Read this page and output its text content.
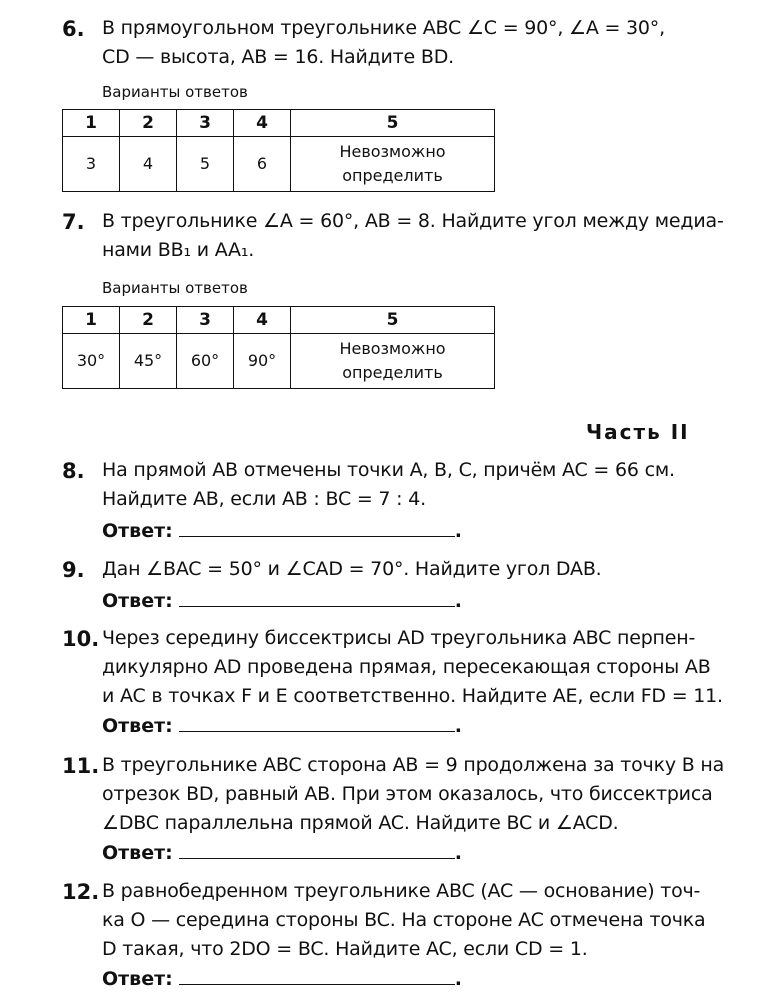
6. В прямоугольном треугольнике ABC ∠C = 90°, ∠A = 30°,
CD — высота, AB = 16. Найдите BD.
Варианты ответов
1	2	3	4	5
3	4	5	6	Невозможно
определить
7. В треугольнике ∠A = 60°, AB = 8. Найдите угол между медиа-
нами BB₁ и AA₁.
Варианты ответов
1	2	3	4	5
30°	45°	60°	90°	Невозможно
определить
Часть II
8. На прямой AB отмечены точки A, B, C, причём AC = 66 см.
Найдите AB, если AB : BC = 7 : 4.
Ответ:	.
9. Дан ∠BAC = 50° и ∠CAD = 70°. Найдите угол DAB.
Ответ:	.
10. Через середину биссектрисы AD треугольника ABC перпен-
дикулярно AD проведена прямая, пересекающая стороны AB
и AC в точках F и E соответственно. Найдите AE, если FD = 11.
Ответ:	.
11. В треугольнике ABC сторона AB = 9 продолжена за точку B на
отрезок BD, равный AB. При этом оказалось, что биссектриса
∠DBC параллельна прямой AC. Найдите BC и ∠ACD.
Ответ:	.
12. В равнобедренном треугольнике ABC (AC — основание) точ-
ка O — середина стороны BC. На стороне AC отмечена точка
D такая, что 2DO = BC. Найдите AC, если CD = 1.
Ответ:	.
